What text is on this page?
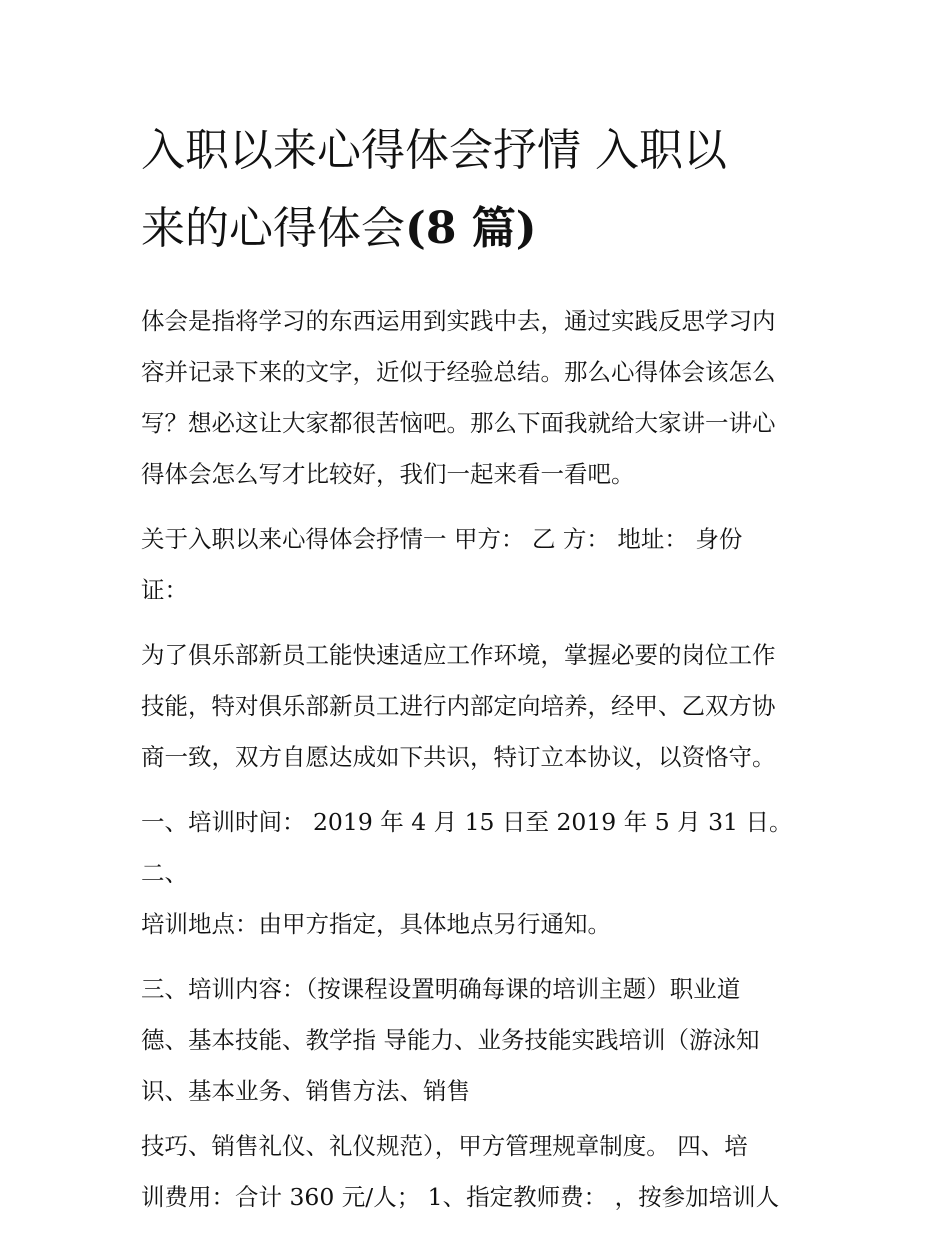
入职以来心得体会抒情 入职以
来的心得体会(8 篇)

体会是指将学习的东西运用到实践中去，通过实践反思学习内
容并记录下来的文字，近似于经验总结。那么心得体会该怎么
写？想必这让大家都很苦恼吧。那么下面我就给大家讲一讲心
得体会怎么写才比较好，我们一起来看一看吧。

关于入职以来心得体会抒情一 甲方： 乙 方： 地址： 身份
证：

为了俱乐部新员工能快速适应工作环境，掌握必要的岗位工作
技能，特对俱乐部新员工进行内部定向培养，经甲、乙双方协
商一致，双方自愿达成如下共识，特订立本协议，以资恪守。

一、培训时间： 2019 年 4 月 15 日至 2019 年 5 月 31 日。 二、
培训地点：由甲方指定，具体地点另行通知。

三、培训内容：（按课程设置明确每课的培训主题）职业道
德、基本技能、教学指 导能力、业务技能实践培训（游泳知
识、基本业务、销售方法、销售

技巧、销售礼仪、礼仪规范），甲方管理规章制度。 四、培
训费用：合计 360 元/人； 1、指定教师费： ，按参加培训人
